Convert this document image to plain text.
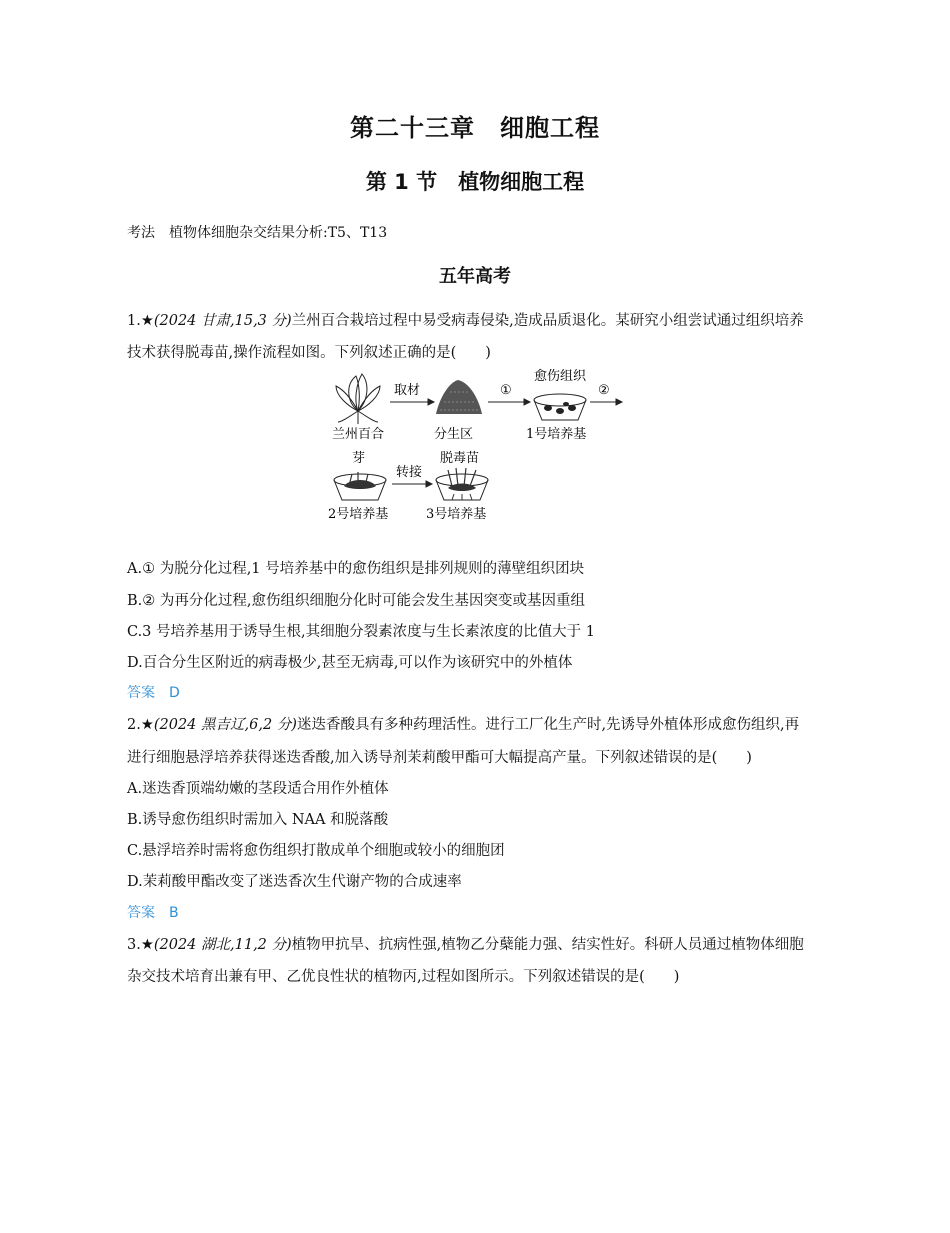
第二十三章　细胞工程
第 1 节　植物细胞工程
考法 植物体细胞杂交结果分析:T5、T13
五年高考
1.★(2024 甘肃,15,3 分)兰州百合栽培过程中易受病毒侵染,造成品质退化。某研究小组尝试通过组织培养
技术获得脱毒苗,操作流程如图。下列叙述正确的是(　　)
兰州百合
取材
分生区
①
愈伤组织
1号培养基
②
芽
2号培养基
转接
脱毒苗
3号培养基
A.① 为脱分化过程,1 号培养基中的愈伤组织是排列规则的薄壁组织团块
B.② 为再分化过程,愈伤组织细胞分化时可能会发生基因突变或基因重组
C.3 号培养基用于诱导生根,其细胞分裂素浓度与生长素浓度的比值大于 1
D.百合分生区附近的病毒极少,甚至无病毒,可以作为该研究中的外植体
答案 D
2.★(2024 黑吉辽,6,2 分)迷迭香酸具有多种药理活性。进行工厂化生产时,先诱导外植体形成愈伤组织,再
进行细胞悬浮培养获得迷迭香酸,加入诱导剂茉莉酸甲酯可大幅提高产量。下列叙述错误的是(　　)
A.迷迭香顶端幼嫩的茎段适合用作外植体
B.诱导愈伤组织时需加入 NAA 和脱落酸
C.悬浮培养时需将愈伤组织打散成单个细胞或较小的细胞团
D.茉莉酸甲酯改变了迷迭香次生代谢产物的合成速率
答案 B
3.★(2024 湖北,11,2 分)植物甲抗旱、抗病性强,植物乙分蘖能力强、结实性好。科研人员通过植物体细胞
杂交技术培育出兼有甲、乙优良性状的植物丙,过程如图所示。下列叙述错误的是(　　)
